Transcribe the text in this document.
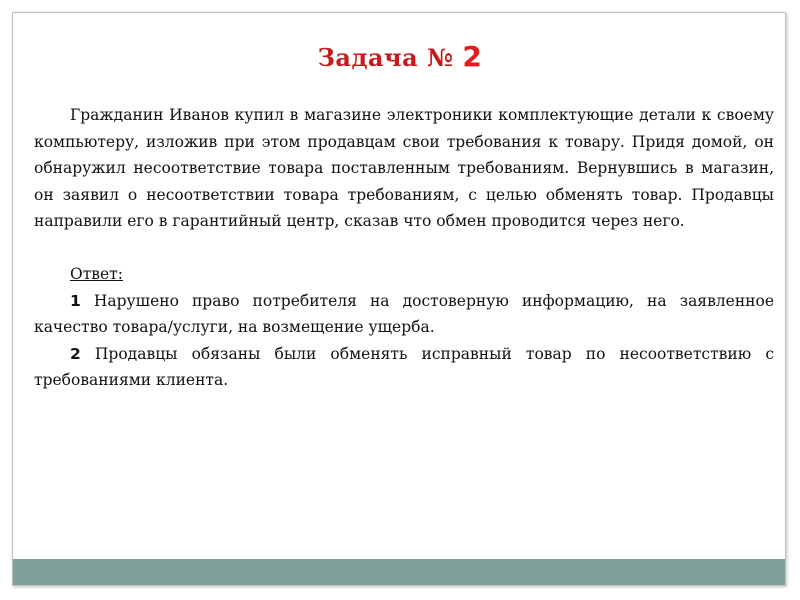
Задача № 2

Гражданин Иванов купил в магазине электроники комплектующие детали к своему компьютеру, изложив при этом продавцам свои требования к товару. Придя домой, он обнаружил несоответствие товара поставленным требованиям. Вернувшись в магазин, он заявил о несоответствии товара требованиям, с целью обменять товар. Продавцы направили его в гарантийный центр, сказав что обмен проводится через него.

Ответ:

1 Нарушено право потребителя на достоверную информацию, на заявленное качество товара/услуги, на возмещение ущерба.

2 Продавцы обязаны были обменять исправный товар по несоответствию с требованиями клиента.
